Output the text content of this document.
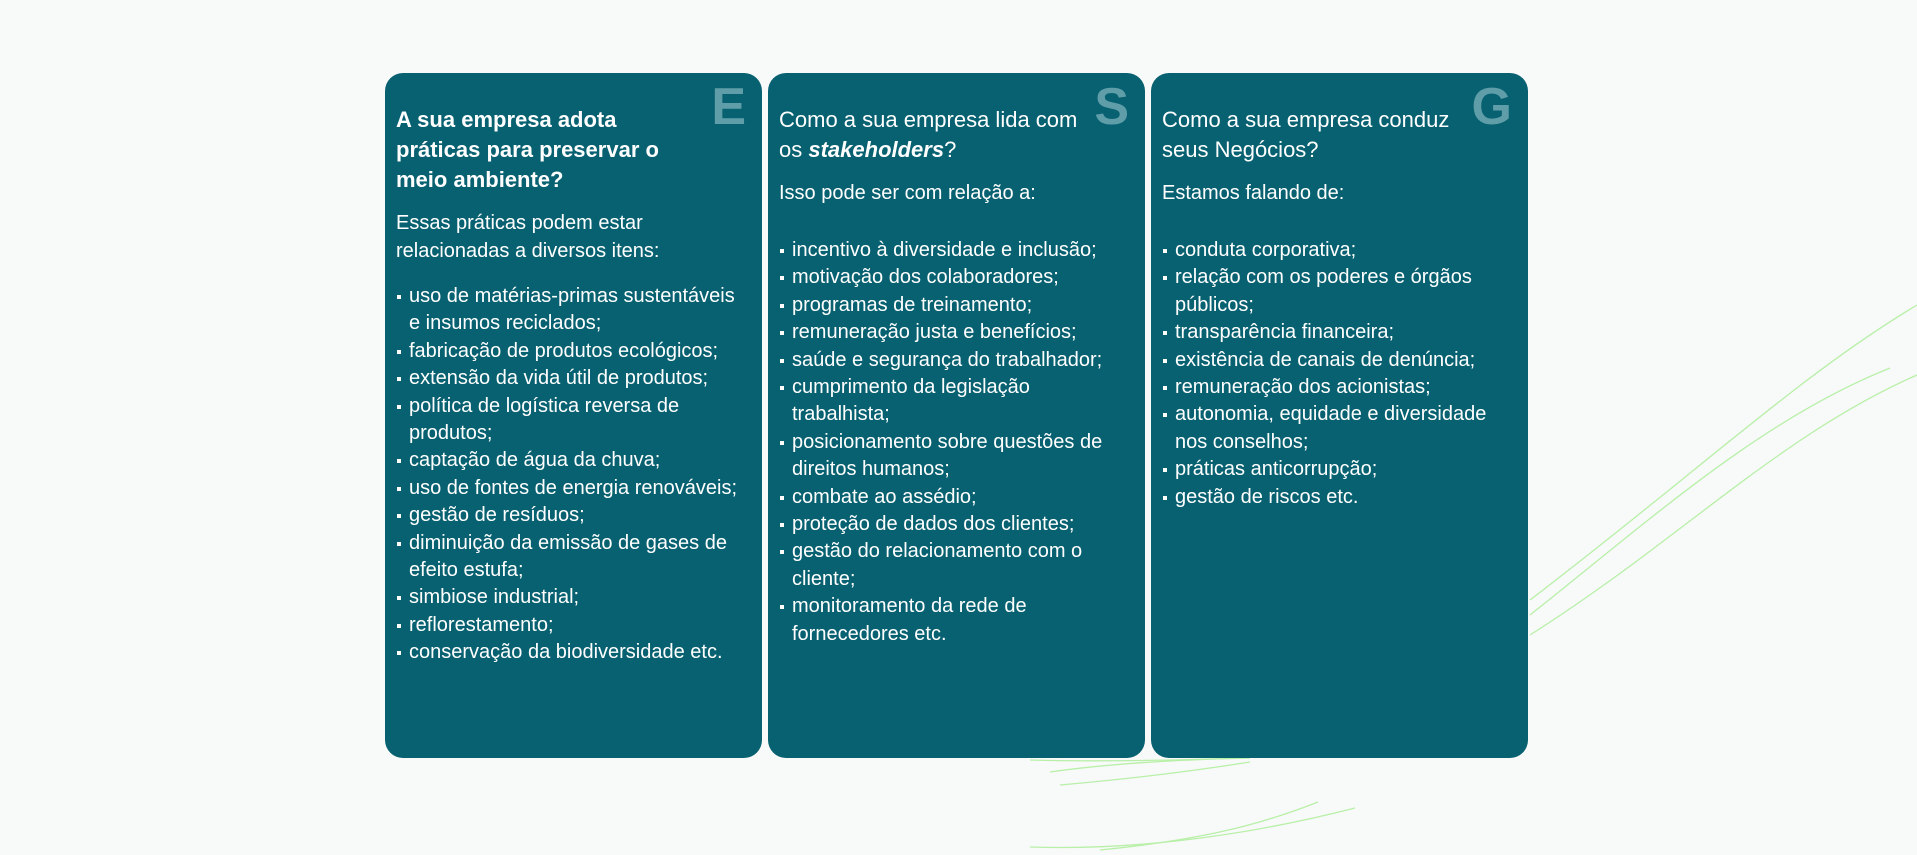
E
A sua empresa adota práticas para preservar o meio ambiente?

Essas práticas podem estar relacionadas a diversos itens:

uso de matérias-primas sustentáveis e insumos reciclados;
fabricação de produtos ecológicos;
extensão da vida útil de produtos;
política de logística reversa de produtos;
captação de água da chuva;
uso de fontes de energia renováveis;
gestão de resíduos;
diminuição da emissão de gases de efeito estufa;
simbiose industrial;
reflorestamento;
conservação da biodiversidade etc.
S
Como a sua empresa lida com os stakeholders?

Isso pode ser com relação a:

incentivo à diversidade e inclusão;
motivação dos colaboradores;
programas de treinamento;
remuneração justa e benefícios;
saúde e segurança do trabalhador;
cumprimento da legislação trabalhista;
posicionamento sobre questões de direitos humanos;
combate ao assédio;
proteção de dados dos clientes;
gestão do relacionamento com o cliente;
monitoramento da rede de fornecedores etc.
G
Como a sua empresa conduz seus Negócios?

Estamos falando de:

conduta corporativa;
relação com os poderes e órgãos públicos;
transparência financeira;
existência de canais de denúncia;
remuneração dos acionistas;
autonomia, equidade e diversidade nos conselhos;
práticas anticorrupção;
gestão de riscos etc.
